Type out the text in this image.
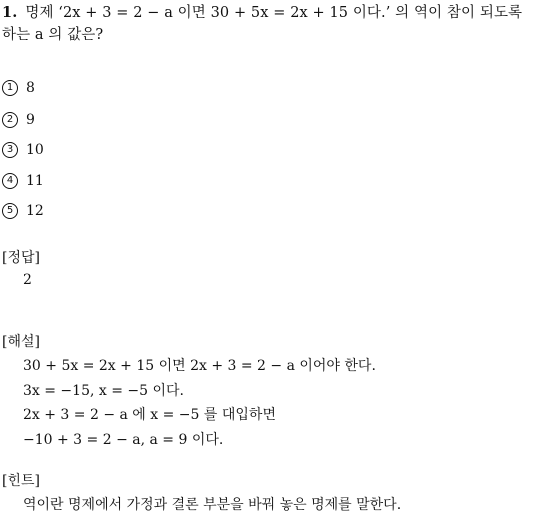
1. 명제 ‘2x + 3 = 2 − a 이면 30 + 5x = 2x + 15 이다.’ 의 역이 참이 되도록
하는 a 의 값은?
1 8
2 9
3 10
4 11
5 12
[정답]
2
[해설]
30 + 5x = 2x + 15 이면 2x + 3 = 2 − a 이어야 한다.
3x = −15, x = −5 이다.
2x + 3 = 2 − a 에 x = −5 를 대입하면
−10 + 3 = 2 − a, a = 9 이다.
[힌트]
역이란 명제에서 가정과 결론 부분을 바꿔 놓은 명제를 말한다.
